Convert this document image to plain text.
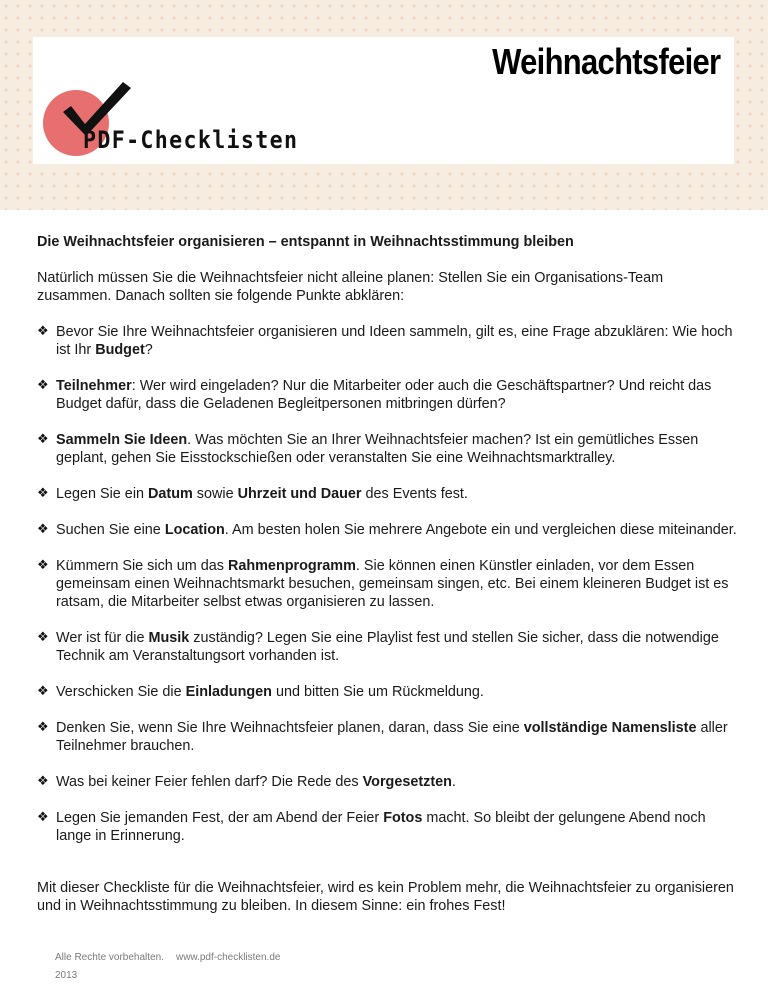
Weihnachtsfeier
PDF-Checklisten

Die Weihnachtsfeier organisieren – entspannt in Weihnachtsstimmung bleiben

Natürlich müssen Sie die Weihnachtsfeier nicht alleine planen: Stellen Sie ein Organisations-Team zusammen. Danach sollten sie folgende Punkte abklären:

❖ Bevor Sie Ihre Weihnachtsfeier organisieren und Ideen sammeln, gilt es, eine Frage abzuklären: Wie hoch ist Ihr Budget?
❖ Teilnehmer: Wer wird eingeladen? Nur die Mitarbeiter oder auch die Geschäftspartner? Und reicht das Budget dafür, dass die Geladenen Begleitpersonen mitbringen dürfen?
❖ Sammeln Sie Ideen. Was möchten Sie an Ihrer Weihnachtsfeier machen? Ist ein gemütliches Essen geplant, gehen Sie Eisstockschießen oder veranstalten Sie eine Weihnachtsmarktralley.
❖ Legen Sie ein Datum sowie Uhrzeit und Dauer des Events fest.
❖ Suchen Sie eine Location. Am besten holen Sie mehrere Angebote ein und vergleichen diese miteinander.
❖ Kümmern Sie sich um das Rahmenprogramm. Sie können einen Künstler einladen, vor dem Essen gemeinsam einen Weihnachtsmarkt besuchen, gemeinsam singen, etc. Bei einem kleineren Budget ist es ratsam, die Mitarbeiter selbst etwas organisieren zu lassen.
❖ Wer ist für die Musik zuständig? Legen Sie eine Playlist fest und stellen Sie sicher, dass die notwendige Technik am Veranstaltungsort vorhanden ist.
❖ Verschicken Sie die Einladungen und bitten Sie um Rückmeldung.
❖ Denken Sie, wenn Sie Ihre Weihnachtsfeier planen, daran, dass Sie eine vollständige Namensliste aller Teilnehmer brauchen.
❖ Was bei keiner Feier fehlen darf? Die Rede des Vorgesetzten.
❖ Legen Sie jemanden Fest, der am Abend der Feier Fotos macht. So bleibt der gelungene Abend noch lange in Erinnerung.

Mit dieser Checkliste für die Weihnachtsfeier, wird es kein Problem mehr, die Weihnachtsfeier zu organisieren und in Weihnachtsstimmung zu bleiben. In diesem Sinne: ein frohes Fest!

Alle Rechte vorbehalten. www.pdf-checklisten.de
2013
